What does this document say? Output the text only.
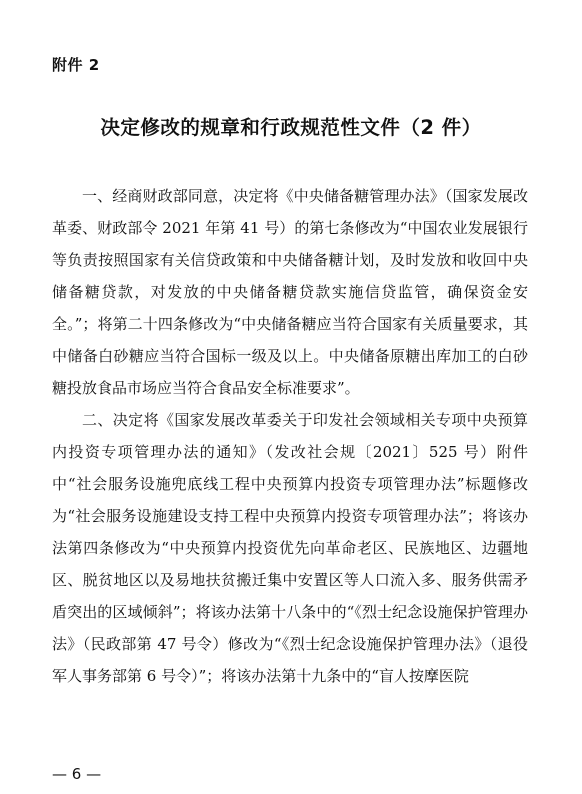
附件 2
决定修改的规章和行政规范性文件（2 件）

一、经商财政部同意，决定将《中央储备糖管理办法》（国家发展改革委、财政部令 2021 年第 41 号）的第七条修改为“中国农业发展银行等负责按照国家有关信贷政策和中央储备糖计划，及时发放和收回中央储备糖贷款，对发放的中央储备糖贷款实施信贷监管，确保资金安全。”；将第二十四条修改为“中央储备糖应当符合国家有关质量要求，其中储备白砂糖应当符合国标一级及以上。中央储备原糖出库加工的白砂糖投放食品市场应当符合食品安全标准要求”。

二、决定将《国家发展改革委关于印发社会领域相关专项中央预算内投资专项管理办法的通知》（发改社会规〔2021〕525 号）附件中“社会服务设施兜底线工程中央预算内投资专项管理办法”标题修改为“社会服务设施建设支持工程中央预算内投资专项管理办法”；将该办法第四条修改为“中央预算内投资优先向革命老区、民族地区、边疆地区、脱贫地区以及易地扶贫搬迁集中安置区等人口流入多、服务供需矛盾突出的区域倾斜”；将该办法第十八条中的“《烈士纪念设施保护管理办法》（民政部第 47 号令）修改为“《烈士纪念设施保护管理办法》（退役军人事务部第 6 号令）”；将该办法第十九条中的“盲人按摩医院

— 6 —
